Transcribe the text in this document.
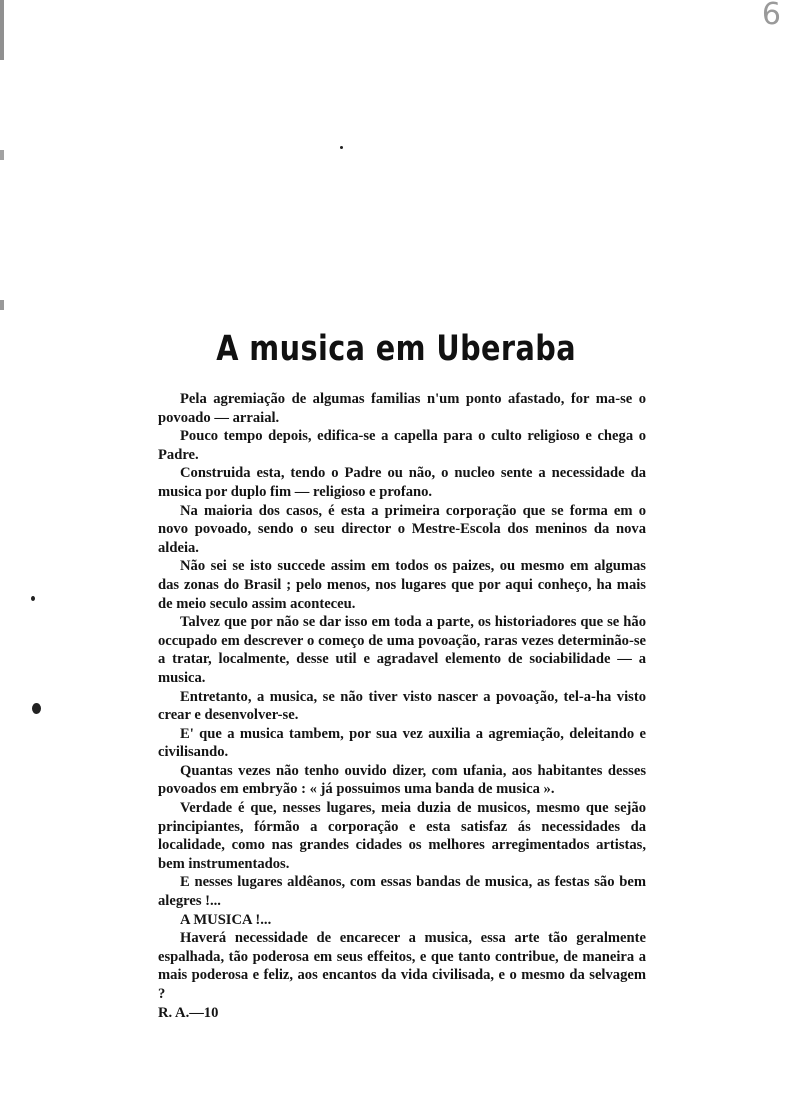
6
A musica em Uberaba

Pela agremiação de algumas familias n'um ponto afastado, for ma-se o povoado — arraial.

Pouco tempo depois, edifica-se a capella para o culto religioso e chega o Padre.

Construida esta, tendo o Padre ou não, o nucleo sente a necessidade da musica por duplo fim — religioso e profano.

Na maioria dos casos, é esta a primeira corporação que se forma em o novo povoado, sendo o seu director o Mestre-Escola dos meninos da nova aldeia.

Não sei se isto succede assim em todos os paizes, ou mesmo em algumas das zonas do Brasil ; pelo menos, nos lugares que por aqui conheço, ha mais de meio seculo assim aconteceu.

Talvez que por não se dar isso em toda a parte, os historiadores que se hão occupado em descrever o começo de uma povoação, raras vezes determinão-se a tratar, localmente, desse util e agradavel elemento de sociabilidade — a musica.

Entretanto, a musica, se não tiver visto nascer a povoação, tel-a-ha visto crear e desenvolver-se.

E' que a musica tambem, por sua vez auxilia a agremiação, deleitando e civilisando.

Quantas vezes não tenho ouvido dizer, com ufania, aos habitantes desses povoados em embryão : « já possuimos uma banda de musica ».

Verdade é que, nesses lugares, meia duzia de musicos, mesmo que sejão principiantes, fórmão a corporação e esta satisfaz ás necessidades da localidade, como nas grandes cidades os melhores arregimentados artistas, bem instrumentados.

E nesses lugares aldêanos, com essas bandas de musica, as festas são bem alegres !...

A MUSICA !...

Haverá necessidade de encarecer a musica, essa arte tão geralmente espalhada, tão poderosa em seus effeitos, e que tanto contribue, de maneira a mais poderosa e feliz, aos encantos da vida civilisada, e o mesmo da selvagem ?

R. A.—10
